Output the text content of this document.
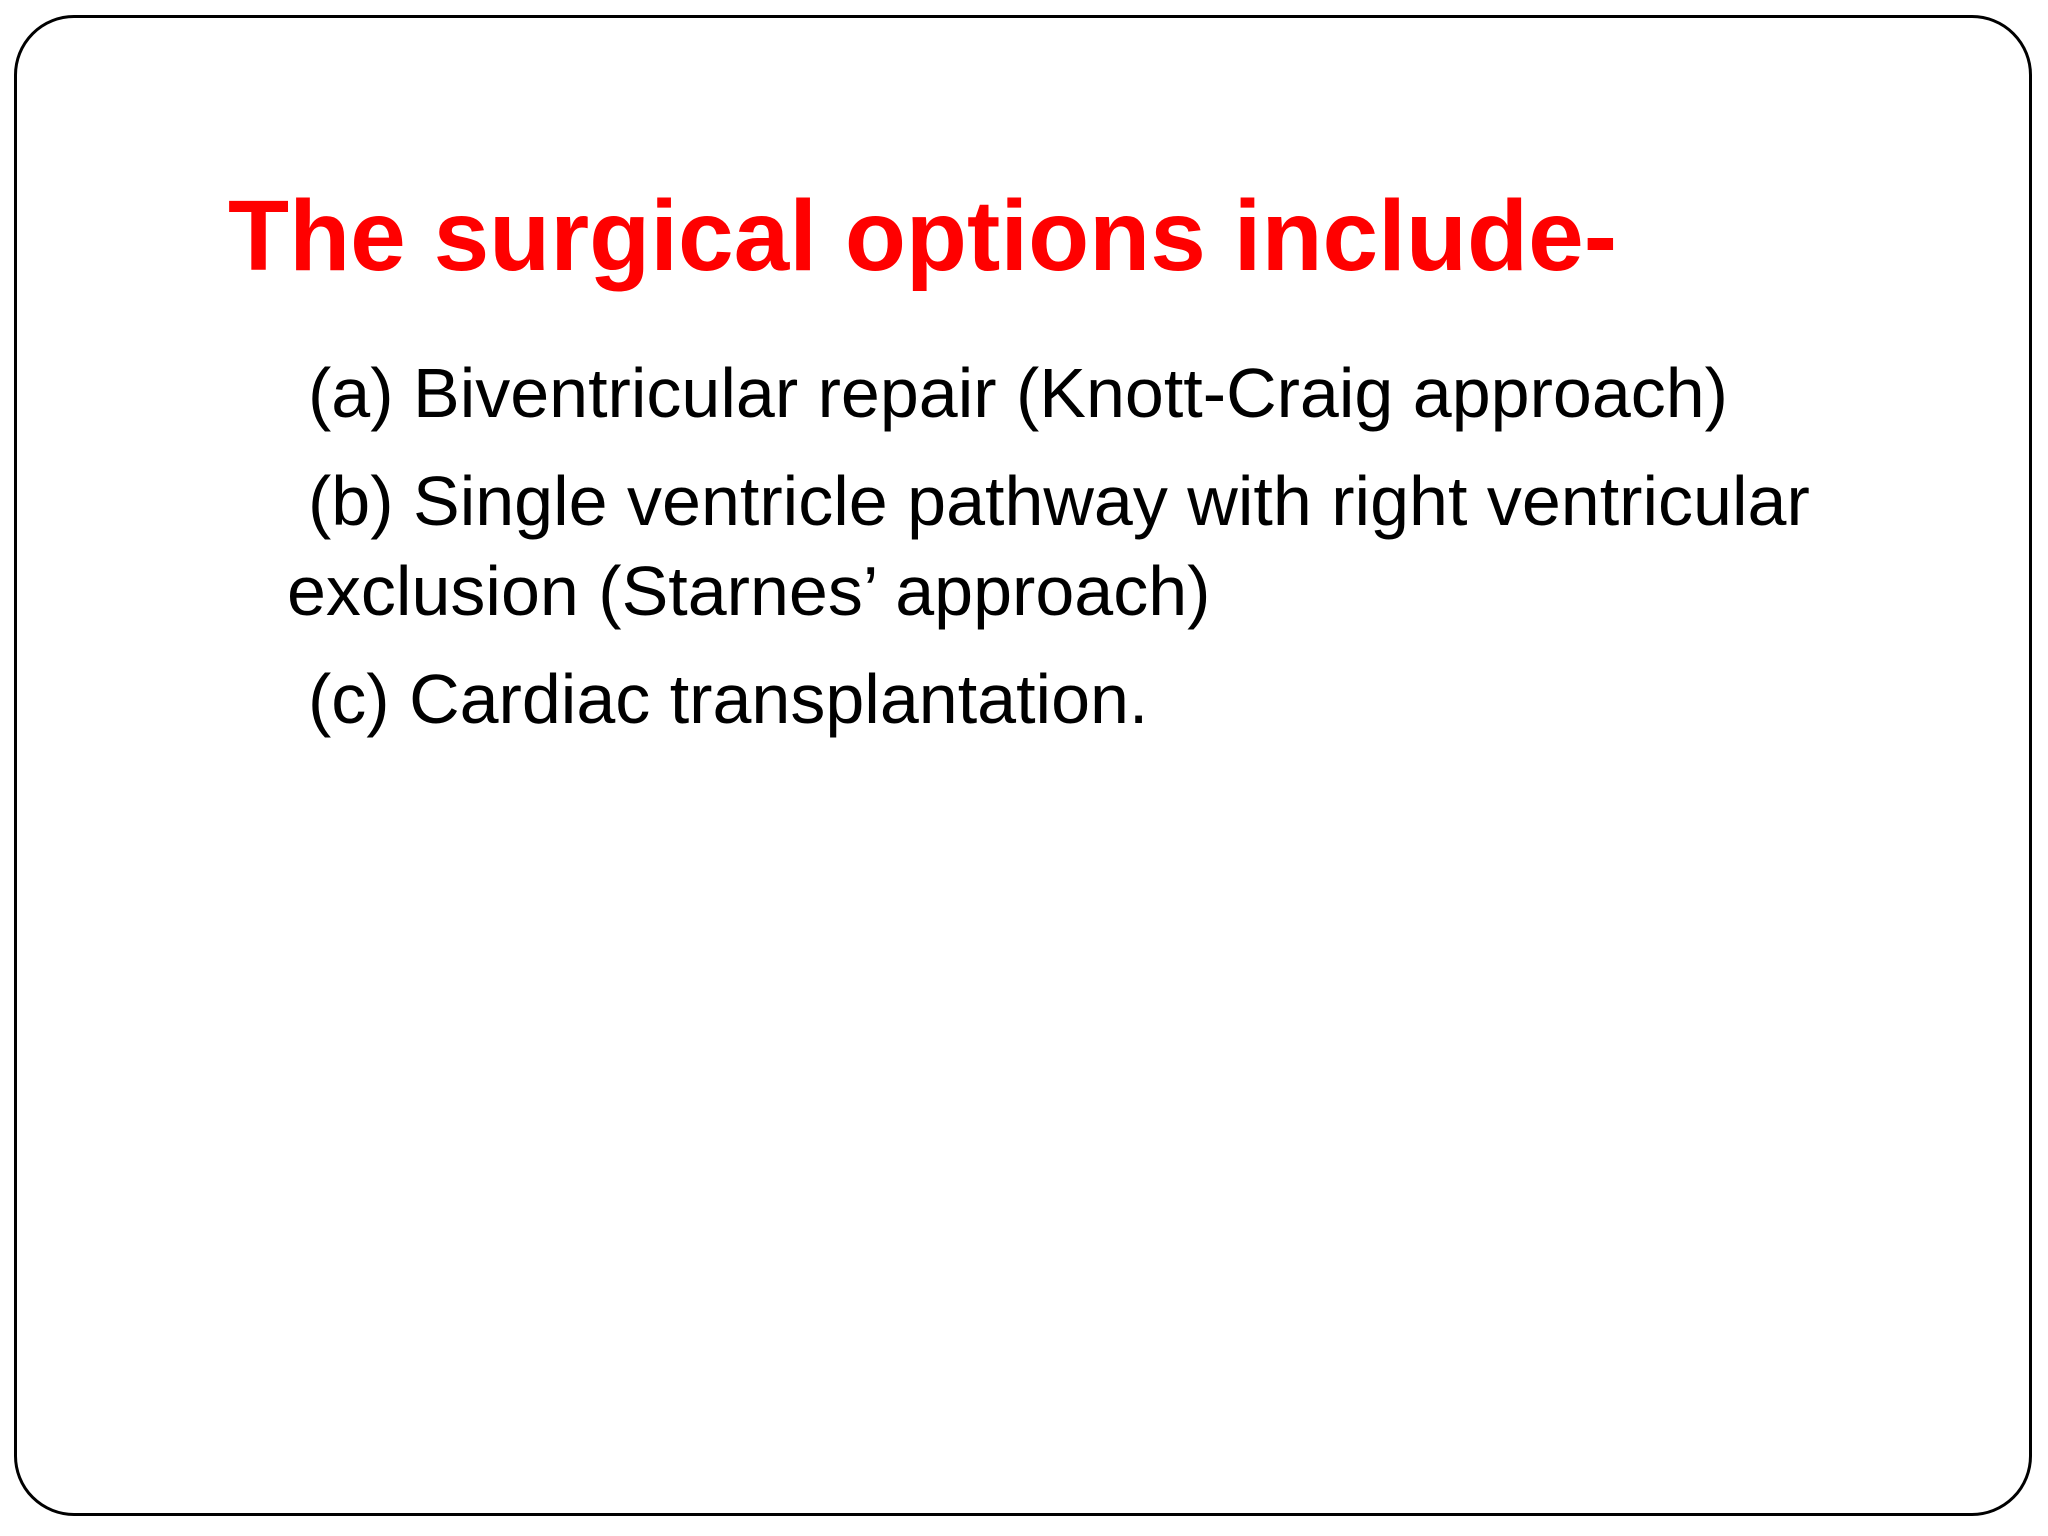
The surgical options include-
(a) Biventricular repair (Knott-Craig approach)
(b) Single ventricle pathway with right ventricular
exclusion (Starnes’ approach)
(c) Cardiac transplantation.
